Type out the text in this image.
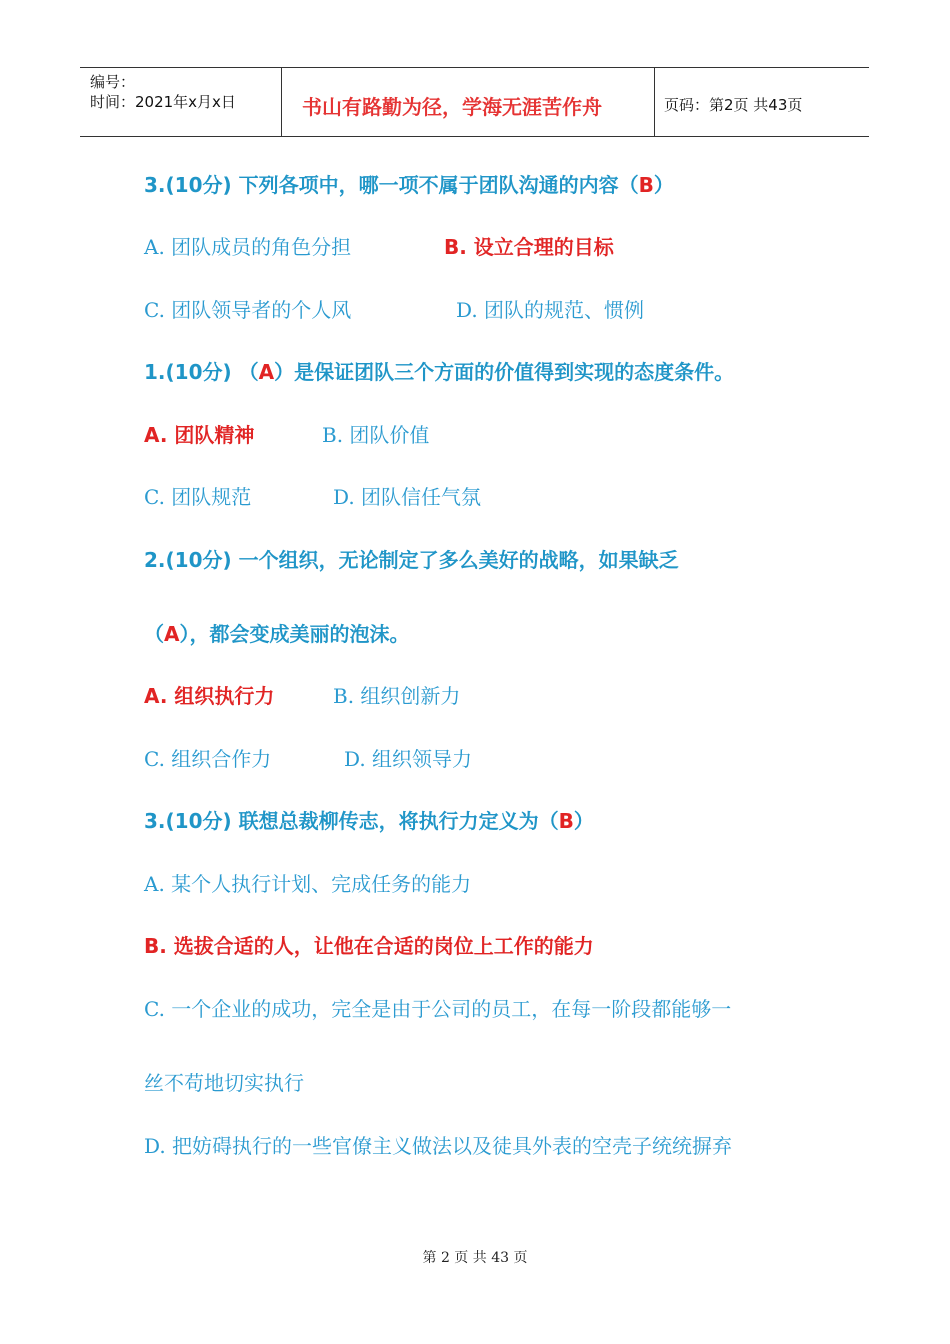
编号：
时间：2021年x月x日	书山有路勤为径，学海无涯苦作舟	页码：第2页 共43页
3.(10分) 下列各项中，哪一项不属于团队沟通的内容（B）
A. 团队成员的角色分担	B. 设立合理的目标
C. 团队领导者的个人风	D. 团队的规范、惯例
1.(10分) （A）是保证团队三个方面的价值得到实现的态度条件。
A. 团队精神	B. 团队价值
C. 团队规范	D. 团队信任气氛
2.(10分) 一个组织，无论制定了多么美好的战略，如果缺乏
（A），都会变成美丽的泡沫。
A. 组织执行力	B. 组织创新力
C. 组织合作力	D. 组织领导力
3.(10分) 联想总裁柳传志，将执行力定义为（B）
A. 某个人执行计划、完成任务的能力
B. 选拔合适的人，让他在合适的岗位上工作的能力
C. 一个企业的成功，完全是由于公司的员工，在每一阶段都能够一
丝不苟地切实执行
D. 把妨碍执行的一些官僚主义做法以及徒具外表的空壳子统统摒弃
第 2 页 共 43 页
